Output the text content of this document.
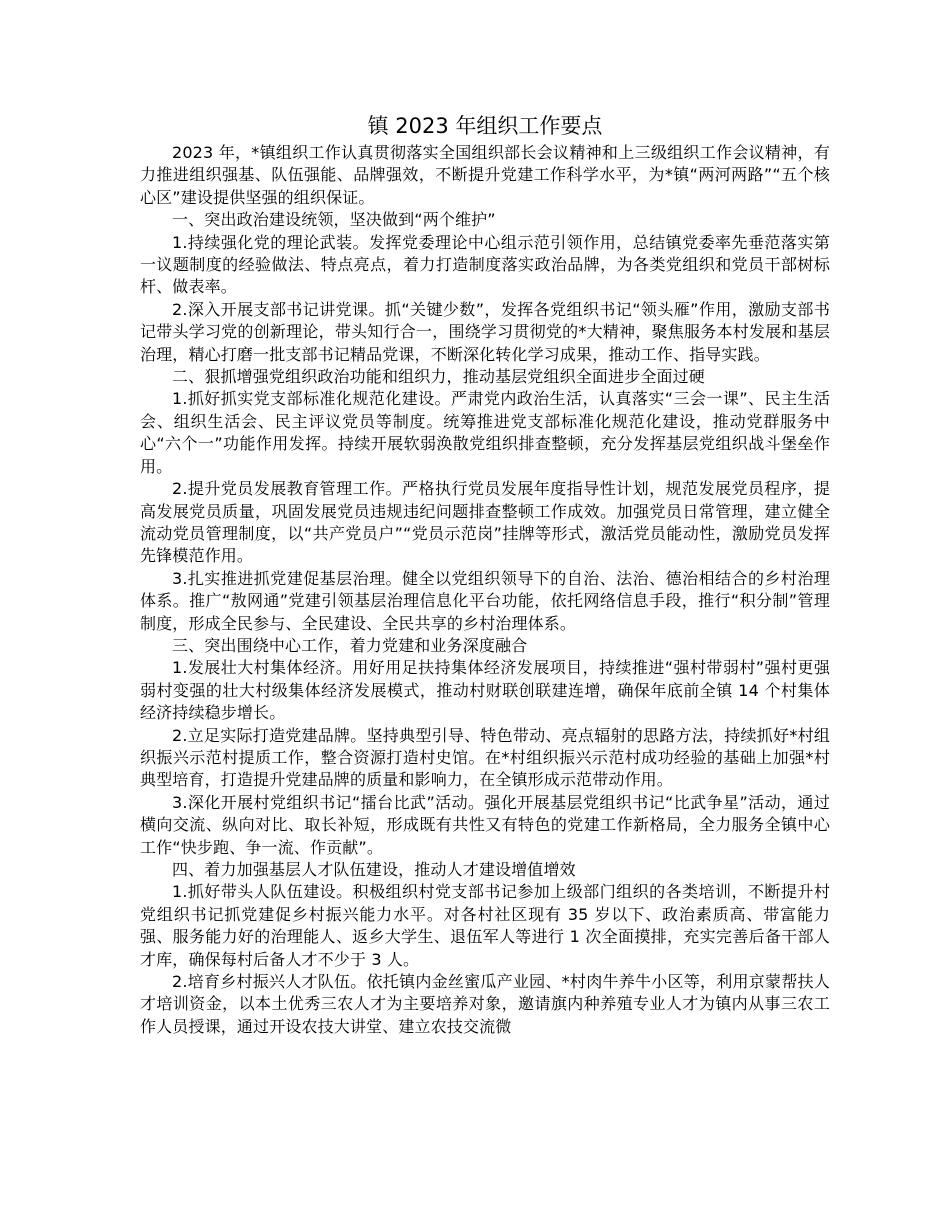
镇 2023 年组织工作要点

2023 年，*镇组织工作认真贯彻落实全国组织部长会议精神和上三级组织工作会议精神，有力推进组织强基、队伍强能、品牌强效，不断提升党建工作科学水平，为*镇“两河两路”“五个核心区”建设提供坚强的组织保证。

一、突出政治建设统领，坚决做到“两个维护”

1.持续强化党的理论武装。发挥党委理论中心组示范引领作用，总结镇党委率先垂范落实第一议题制度的经验做法、特点亮点，着力打造制度落实政治品牌，为各类党组织和党员干部树标杆、做表率。

2.深入开展支部书记讲党课。抓“关键少数”，发挥各党组织书记“领头雁”作用，激励支部书记带头学习党的创新理论，带头知行合一，围绕学习贯彻党的*大精神，聚焦服务本村发展和基层治理，精心打磨一批支部书记精品党课，不断深化转化学习成果，推动工作、指导实践。

二、狠抓增强党组织政治功能和组织力，推动基层党组织全面进步全面过硬

1.抓好抓实党支部标准化规范化建设。严肃党内政治生活，认真落实“三会一课”、民主生活会、组织生活会、民主评议党员等制度。统筹推进党支部标准化规范化建设，推动党群服务中心“六个一”功能作用发挥。持续开展软弱涣散党组织排查整顿，充分发挥基层党组织战斗堡垒作用。

2.提升党员发展教育管理工作。严格执行党员发展年度指导性计划，规范发展党员程序，提高发展党员质量，巩固发展党员违规违纪问题排查整顿工作成效。加强党员日常管理，建立健全流动党员管理制度，以“共产党员户”“党员示范岗”挂牌等形式，激活党员能动性，激励党员发挥先锋模范作用。

3.扎实推进抓党建促基层治理。健全以党组织领导下的自治、法治、德治相结合的乡村治理体系。推广“敖网通”党建引领基层治理信息化平台功能，依托网络信息手段，推行“积分制”管理制度，形成全民参与、全民建设、全民共享的乡村治理体系。

三、突出围绕中心工作，着力党建和业务深度融合

1.发展壮大村集体经济。用好用足扶持集体经济发展项目，持续推进“强村带弱村”强村更强弱村变强的壮大村级集体经济发展模式，推动村财联创联建连增，确保年底前全镇 14 个村集体经济持续稳步增长。

2.立足实际打造党建品牌。坚持典型引导、特色带动、亮点辐射的思路方法，持续抓好*村组织振兴示范村提质工作，整合资源打造村史馆。在*村组织振兴示范村成功经验的基础上加强*村典型培育，打造提升党建品牌的质量和影响力，在全镇形成示范带动作用。

3.深化开展村党组织书记“擂台比武”活动。强化开展基层党组织书记“比武争星”活动，通过横向交流、纵向对比、取长补短，形成既有共性又有特色的党建工作新格局，全力服务全镇中心工作“快步跑、争一流、作贡献”。

四、着力加强基层人才队伍建设，推动人才建设增值增效

1.抓好带头人队伍建设。积极组织村党支部书记参加上级部门组织的各类培训，不断提升村党组织书记抓党建促乡村振兴能力水平。对各村社区现有 35 岁以下、政治素质高、带富能力强、服务能力好的治理能人、返乡大学生、退伍军人等进行 1 次全面摸排，充实完善后备干部人才库，确保每村后备人才不少于 3 人。

2.培育乡村振兴人才队伍。依托镇内金丝蜜瓜产业园、*村肉牛养牛小区等，利用京蒙帮扶人才培训资金，以本土优秀三农人才为主要培养对象，邀请旗内种养殖专业人才为镇内从事三农工作人员授课，通过开设农技大讲堂、建立农技交流微
